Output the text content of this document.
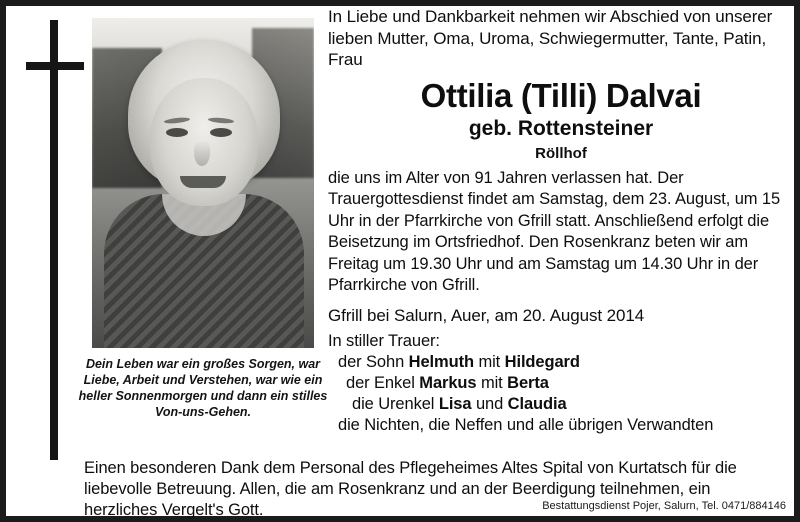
Dein Leben war ein großes Sorgen, war Liebe, Arbeit und Verstehen, war wie ein heller Sonnenmorgen und dann ein stilles Von-uns-Gehen.
In Liebe und Dankbarkeit nehmen wir Abschied von unserer lieben Mutter, Oma, Uroma, Schwiegermutter, Tante, Patin, Frau
Ottilia (Tilli) Dalvai
geb. Rottensteiner
Röllhof
die uns im Alter von 91 Jahren verlassen hat. Der Trauergottesdienst findet am Samstag, dem 23. August, um 15 Uhr in der Pfarrkirche von Gfrill statt. Anschließend erfolgt die Beisetzung im Ortsfriedhof. Den Rosenkranz beten wir am Freitag um 19.30 Uhr und am Samstag um 14.30 Uhr in der Pfarrkirche von Gfrill.
Gfrill bei Salurn, Auer, am 20. August 2014
In stiller Trauer:
der Sohn Helmuth mit Hildegard
der Enkel Markus mit Berta
die Urenkel Lisa und Claudia
die Nichten, die Neffen und alle übrigen Verwandten
Einen besonderen Dank dem Personal des Pflegeheimes Altes Spital von Kurtatsch für die liebevolle Betreuung. Allen, die am Rosenkranz und an der Beerdigung teilnehmen, ein herzliches Vergelt's Gott.	Bestattungsdienst Pojer, Salurn, Tel. 0471/884146
